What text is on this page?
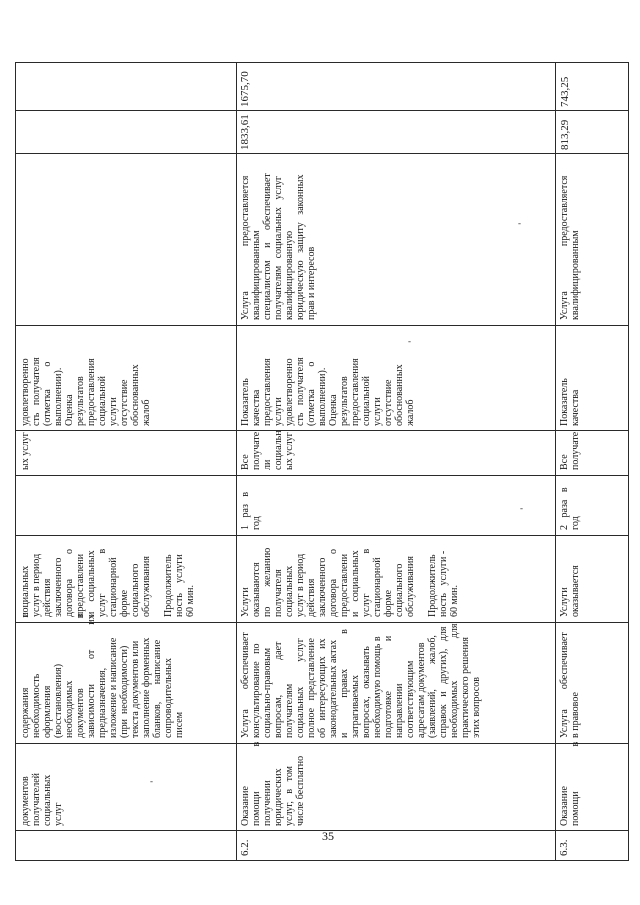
документов
получателей
социальных
услуг
содержания                            и
необходимость
оформления
(восстановления)
необходимых
документов                            в
зависимости          от          их
предназначения,
изложение и написание
(при  необходимости)
текста документов или
заполнение форменных
бланков,       написание
сопроводительных
писем
социальных
услуг в период
действия
заключенного
договора          о
предоставлени
и    социальных
услуг                в
стационарной
форме
социального
обслуживания

Продолжитель
ность    услуги
60 мин.
ых услуг
удовлетворенно
сть   получателя
(отметка         о
выполнении).
Оценка
результатов
предоставления
социальной
услуги
отсутствие
обоснованных
жалоб
6.2.
Оказание
помощи                  в
получении
юридических
услуг,   в   том
числе бесплатно
Услуга        обеспечивает
консультирование   по
социально-правовым
вопросам,              дает
получателям
социальных          услуг
полное   представление
об   интересующих   их
законодательных актах
и              правах              в
затрагиваемых
вопросах,   оказывать
необходимую помощь в
подготовке                    и
направлении
соответствующим
адресатам документов
(заявлений,          жалоб,
справок   и   других),   для
необходимых                 для
практического решения
этих вопросов
Услуги
оказываются
по        желанию
получателя
социальных
услуг в период
действия
заключенного
договора          о
предоставлени
и    социальных
услуг                в
стационарной
форме
социального
обслуживания

Продолжитель
ность   услуги -
60 мин.
1   раз   в
год
Все
получате
ли
социальн
ых услуг
Показатель
качества
предоставления
услуги
удовлетворенно
сть   получателя
(отметка         о
выполнении).
Оценка
результатов
предоставления
социальной
услуги
отсутствие
обоснованных
жалоб
Услуга                  предоставляется
квалифицированным
специалистом     и     обеспечивает
получателям   социальных   услуг
квалифицированную
юридическую   защиту   законных
прав и интересов
1833,61
1675,70
6.3.
Оказание
помощи                  в
Услуга        обеспечивает
в правовое
Услуги
оказывается
2   раза   в
год
Все
получате
Показатель
качества
Услуга                  предоставляется
квалифицированным
813,29
743,25
-
-
-
-
35
